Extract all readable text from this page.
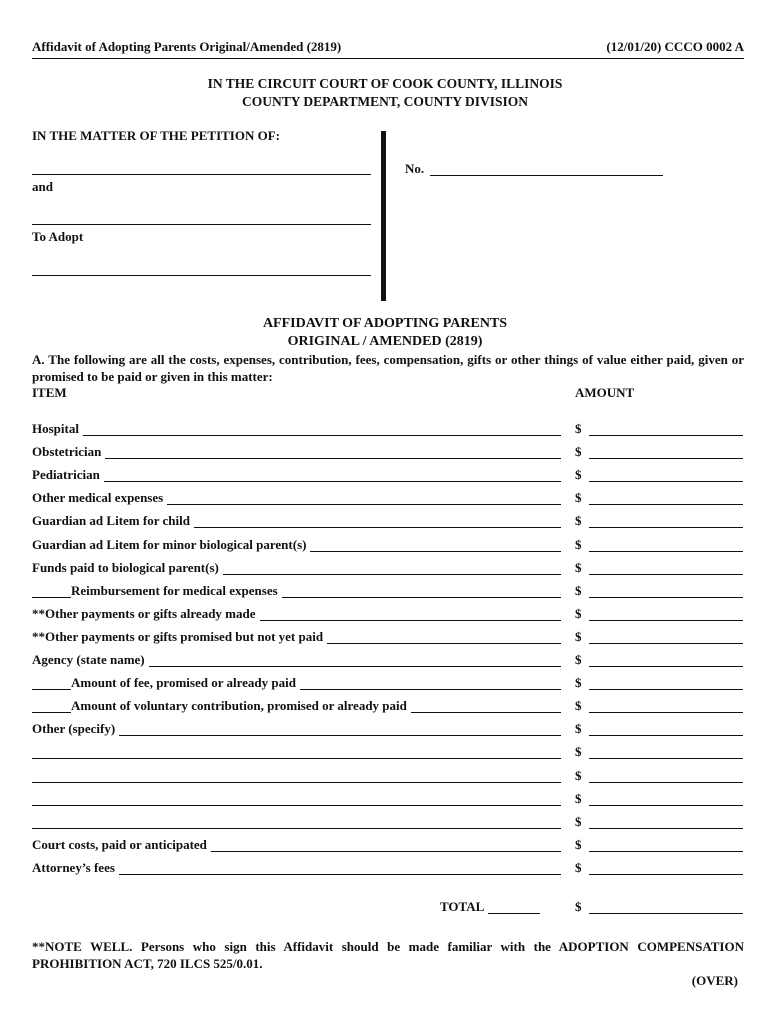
Affidavit of Adopting Parents Original/Amended (2819)	(12/01/20) CCCO 0002 A
IN THE CIRCUIT COURT OF COOK COUNTY, ILLINOIS
COUNTY DEPARTMENT, COUNTY DIVISION
IN THE MATTER OF THE PETITION OF:
and
To Adopt
No.
AFFIDAVIT OF ADOPTING PARENTS
ORIGINAL / AMENDED (2819)
A. The following are all the costs, expenses, contribution, fees, compensation, gifts or other things of value either paid, given or promised to be paid or given in this matter:
ITEM	AMOUNT
Hospital	$
Obstetrician	$
Pediatrician	$
Other medical expenses	$
Guardian ad Litem for child	$
Guardian ad Litem for minor biological parent(s)	$
Funds paid to biological parent(s)	$
Reimbursement for medical expenses	$
**Other payments or gifts already made	$
**Other payments or gifts promised but not yet paid	$
Agency (state name)	$
Amount of fee, promised or already paid	$
Amount of voluntary contribution, promised or already paid	$
Other (specify)	$
$
$
$
$
Court costs, paid or anticipated	$
Attorney’s fees	$
TOTAL	$
**NOTE WELL. Persons who sign this Affidavit should be made familiar with the ADOPTION COMPENSATION PROHIBITION ACT, 720 ILCS 525/0.01.
(OVER)
